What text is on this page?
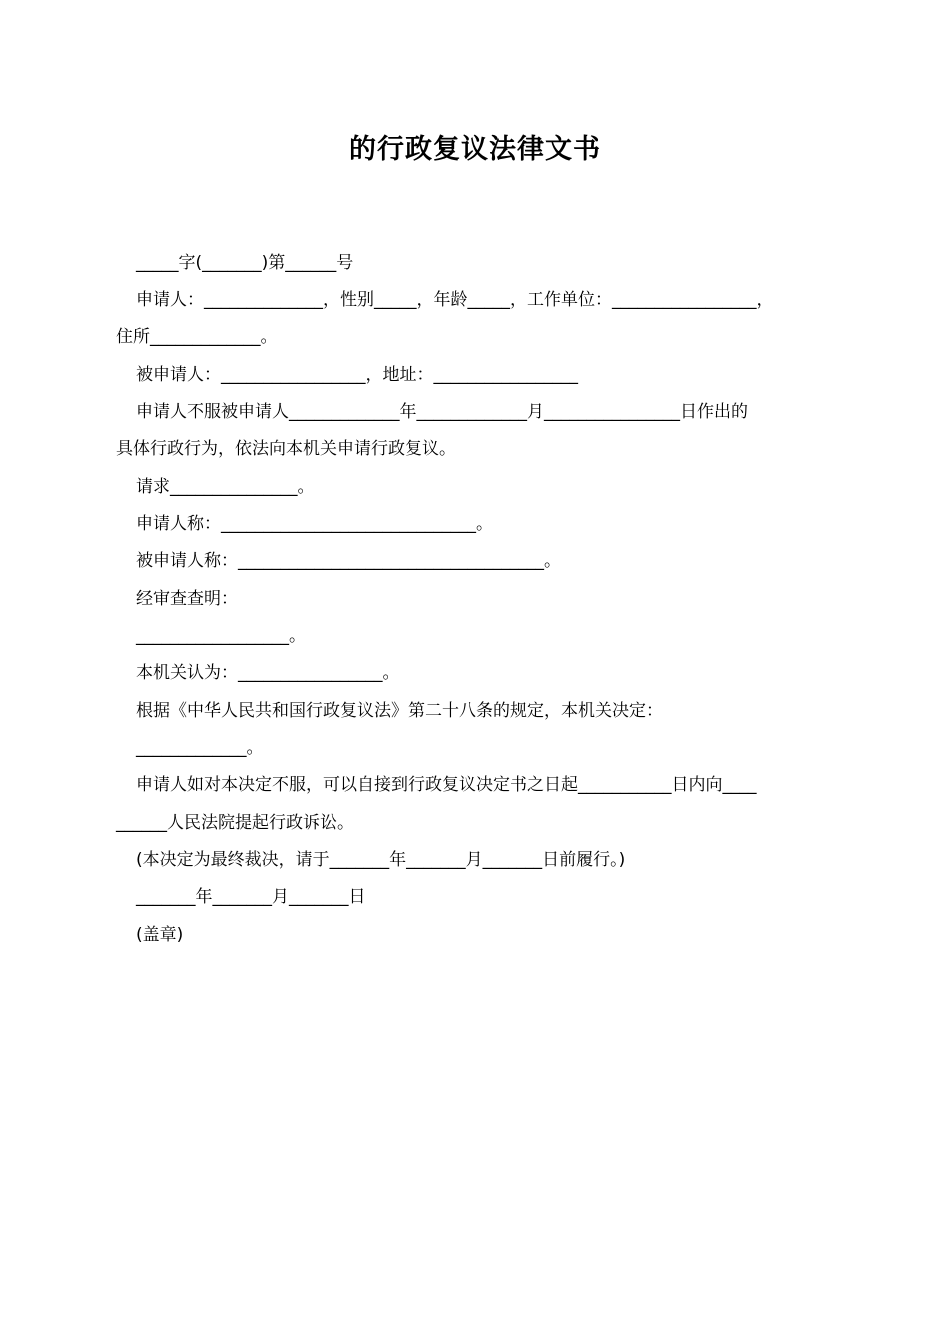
的行政复议法律文书
_____字(_______)第______号
申请人：______________，性别_____，年龄_____，工作单位：_________________，
住所_____________。
被申请人：_________________，地址：_________________
申请人不服被申请人_____________年_____________月________________日作出的
具体行政行为，依法向本机关申请行政复议。
请求_______________。
申请人称：______________________________。
被申请人称：____________________________________。
经审查查明：
__________________。
本机关认为：_________________。
根据《中华人民共和国行政复议法》第二十八条的规定，本机关决定：
_____________。
申请人如对本决定不服，可以自接到行政复议决定书之日起___________日内向____
______人民法院提起行政诉讼。
(本决定为最终裁决，请于_______年_______月_______日前履行。)
_______年_______月_______日
(盖章)
